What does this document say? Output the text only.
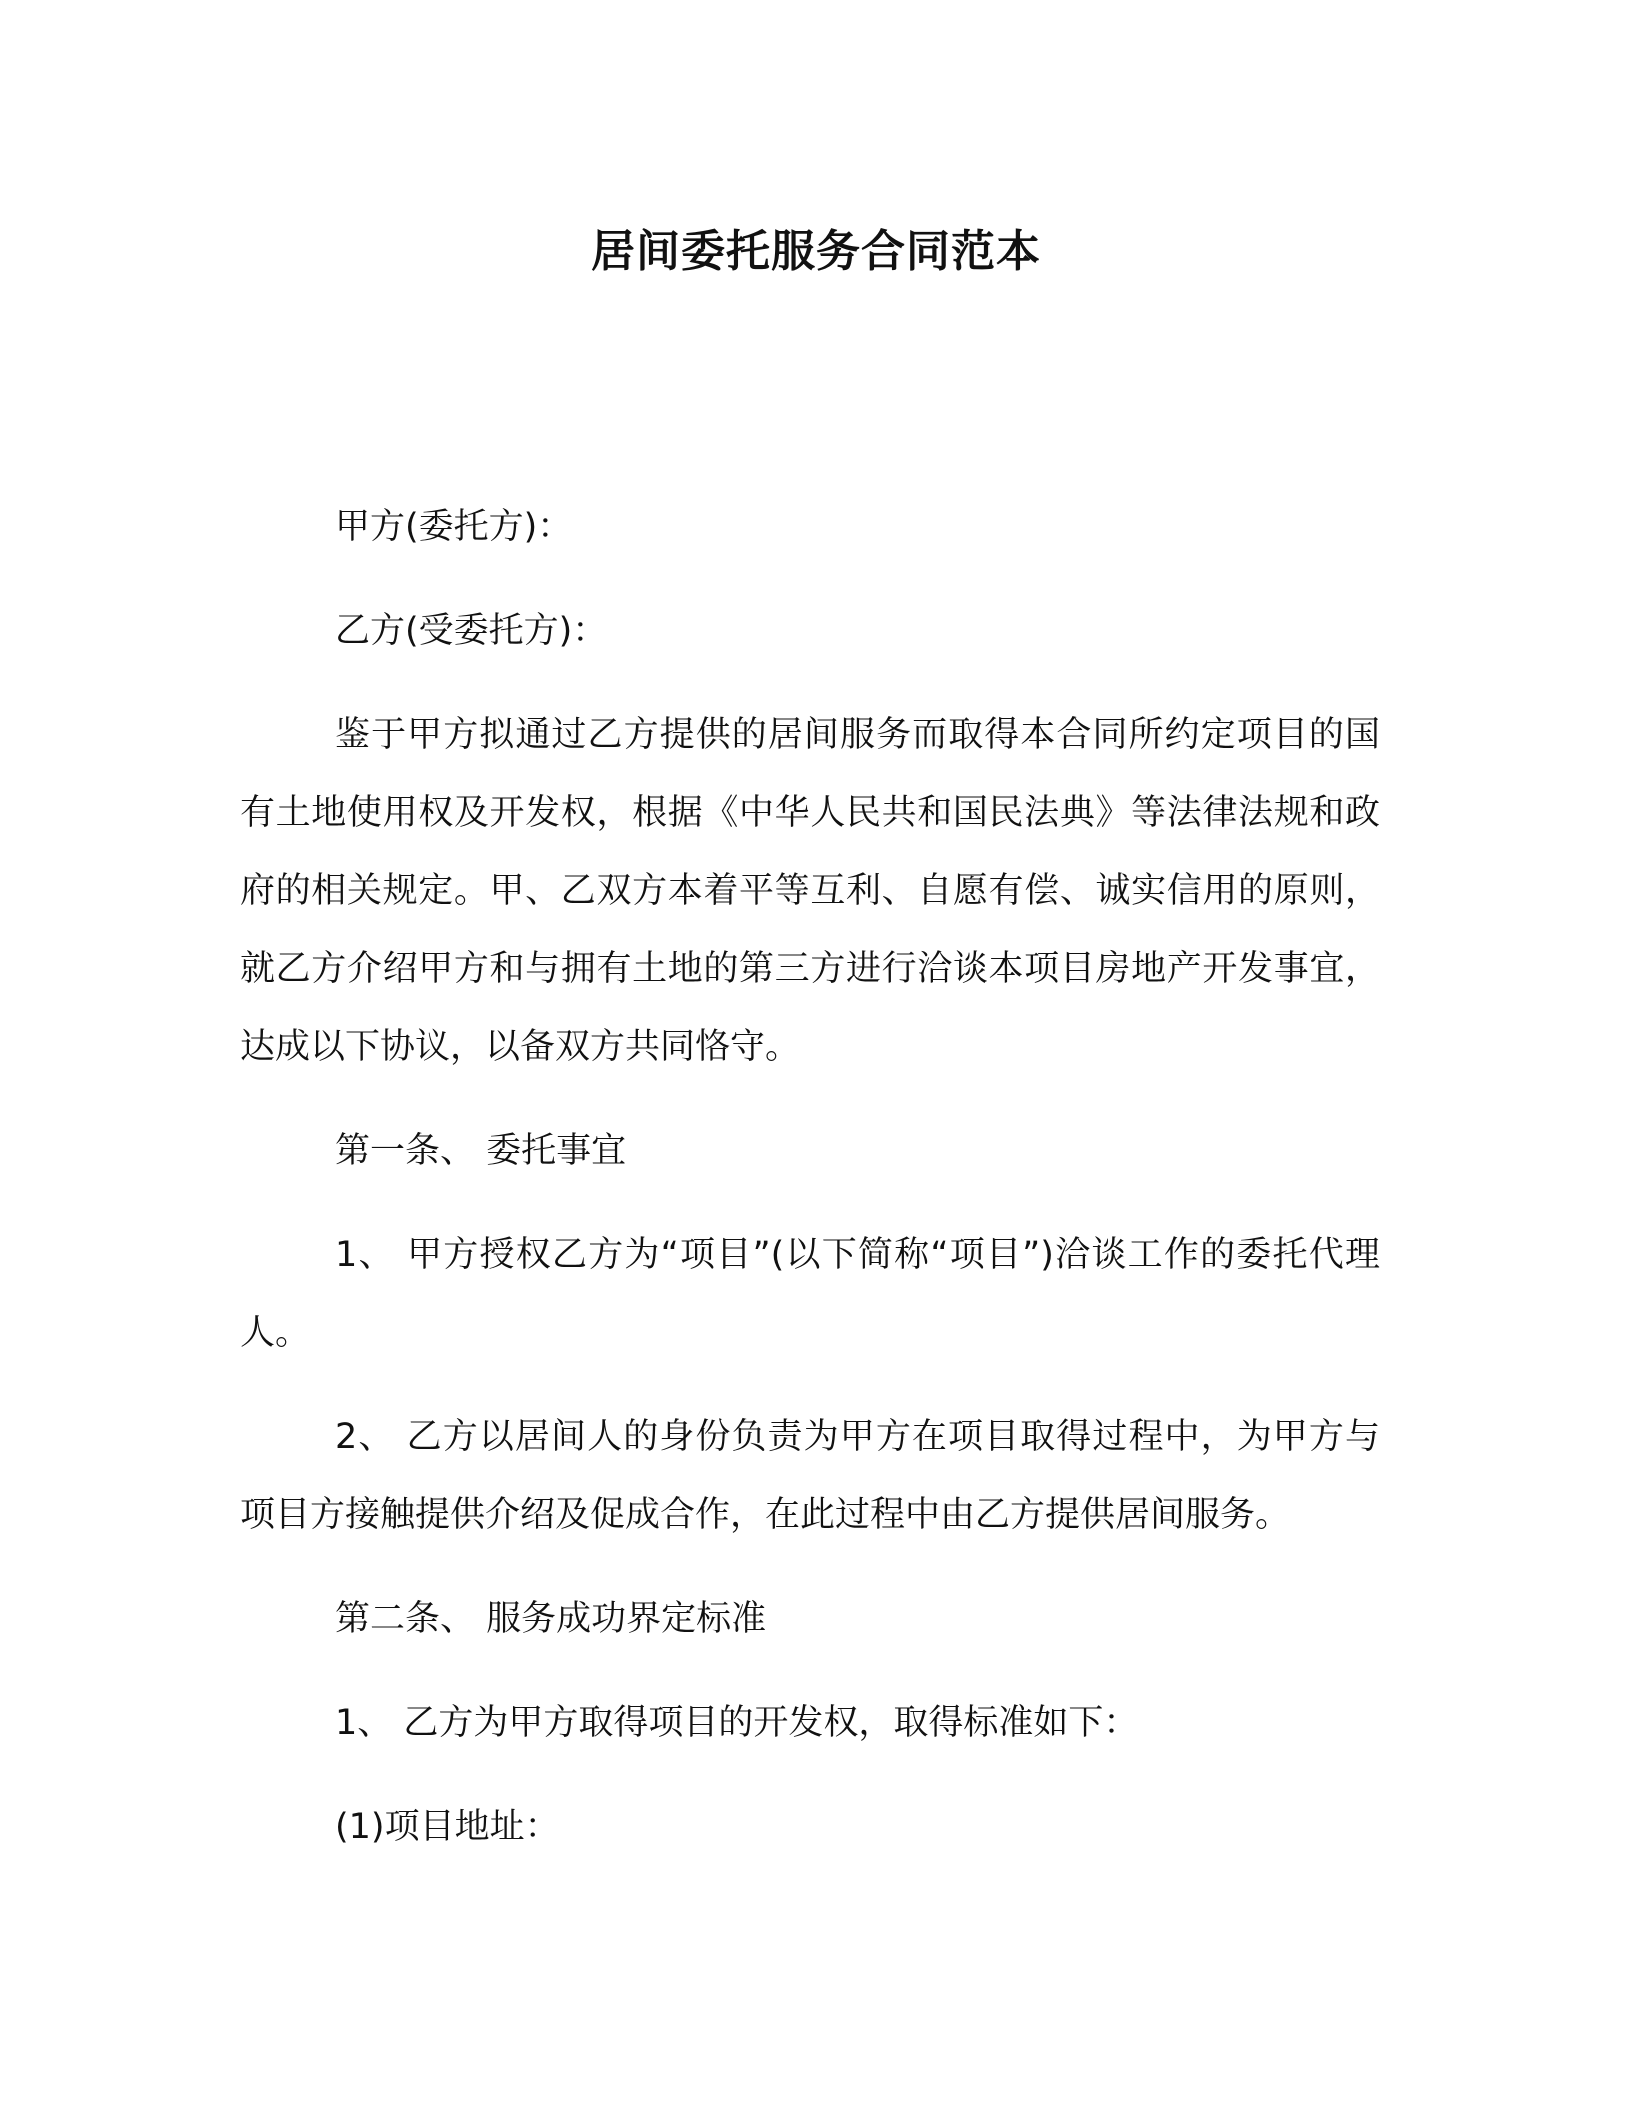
居间委托服务合同范本

甲方(委托方)：

乙方(受委托方)：

鉴于甲方拟通过乙方提供的居间服务而取得本合同所约定项目的国有土地使用权及开发权，根据《中华人民共和国民法典》等法律法规和政府的相关规定。甲、乙双方本着平等互利、自愿有偿、诚实信用的原则，就乙方介绍甲方和与拥有土地的第三方进行洽谈本项目房地产开发事宜，达成以下协议，以备双方共同恪守。

第一条、 委托事宜

1、 甲方授权乙方为“项目”(以下简称“项目”)洽谈工作的委托代理人。

2、 乙方以居间人的身份负责为甲方在项目取得过程中，为甲方与项目方接触提供介绍及促成合作，在此过程中由乙方提供居间服务。

第二条、 服务成功界定标准

1、 乙方为甲方取得项目的开发权，取得标准如下：

(1)项目地址：
